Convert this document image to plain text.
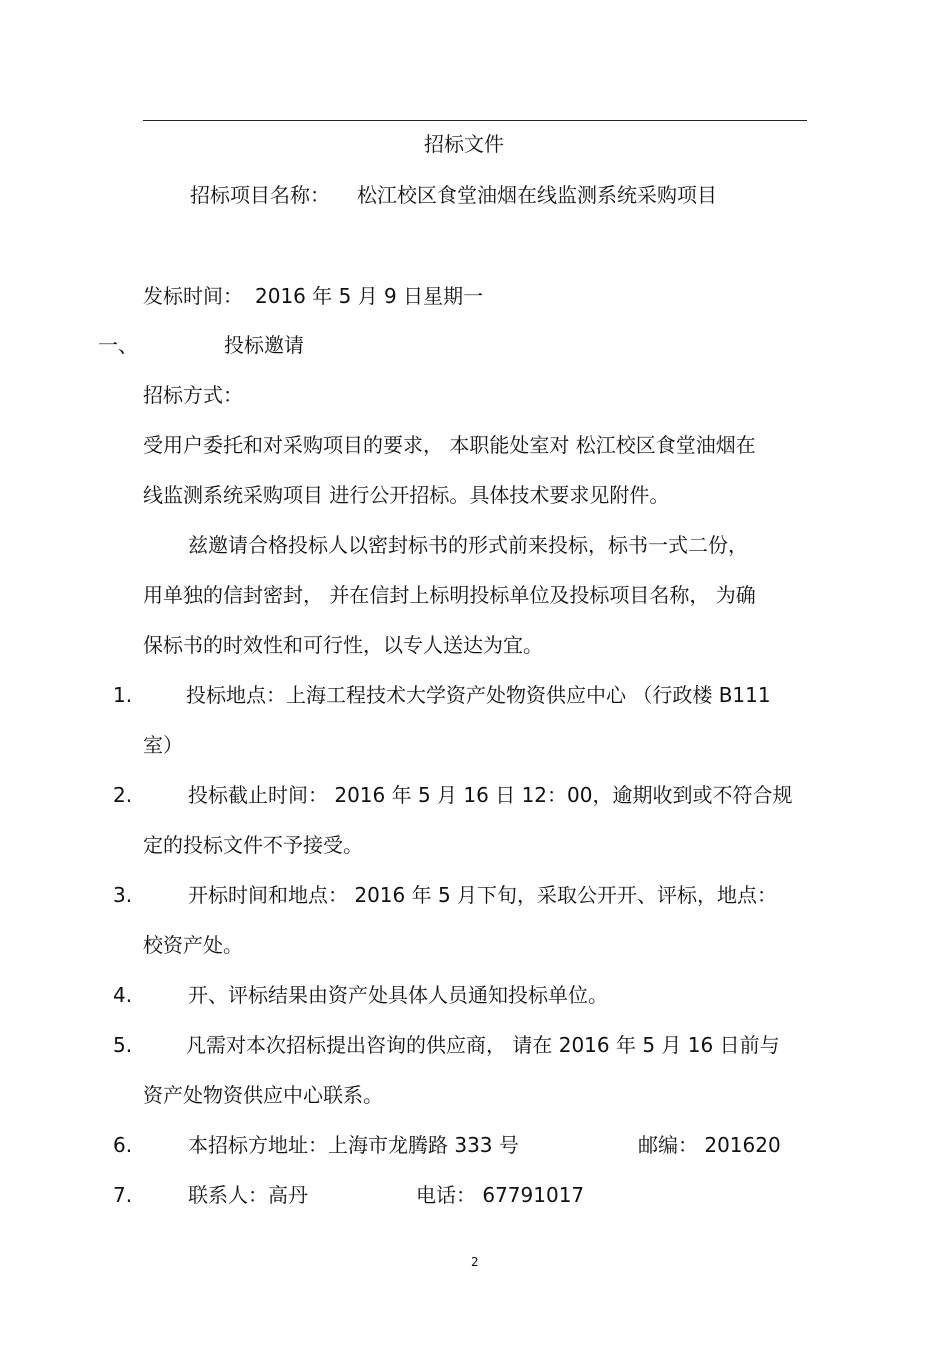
招标文件
招标项目名称： 松江校区食堂油烟在线监测系统采购项目
发标时间： 2016 年 5 月 9 日星期一
一、	投标邀请
招标方式：
受用户委托和对采购项目的要求， 本职能处室对 松江校区食堂油烟在
线监测系统采购项目 进行公开招标。具体技术要求见附件。
兹邀请合格投标人以密封标书的形式前来投标，标书一式二份，
用单独的信封密封， 并在信封上标明投标单位及投标项目名称， 为确
保标书的时效性和可行性，以专人送达为宜。
1.	投标地点：上海工程技术大学资产处物资供应中心 （行政楼 B111
室）
2.	投标截止时间： 2016 年 5 月 16 日 12：00，逾期收到或不符合规
定的投标文件不予接受。
3.	开标时间和地点： 2016 年 5 月下旬，采取公开开、评标，地点：
校资产处。
4.	开、评标结果由资产处具体人员通知投标单位。
5.	凡需对本次招标提出咨询的供应商， 请在 2016 年 5 月 16 日前与
资产处物资供应中心联系。
6.	本招标方地址：上海市龙腾路 333 号	邮编： 201620
7.	联系人：高丹	电话： 67791017
2
